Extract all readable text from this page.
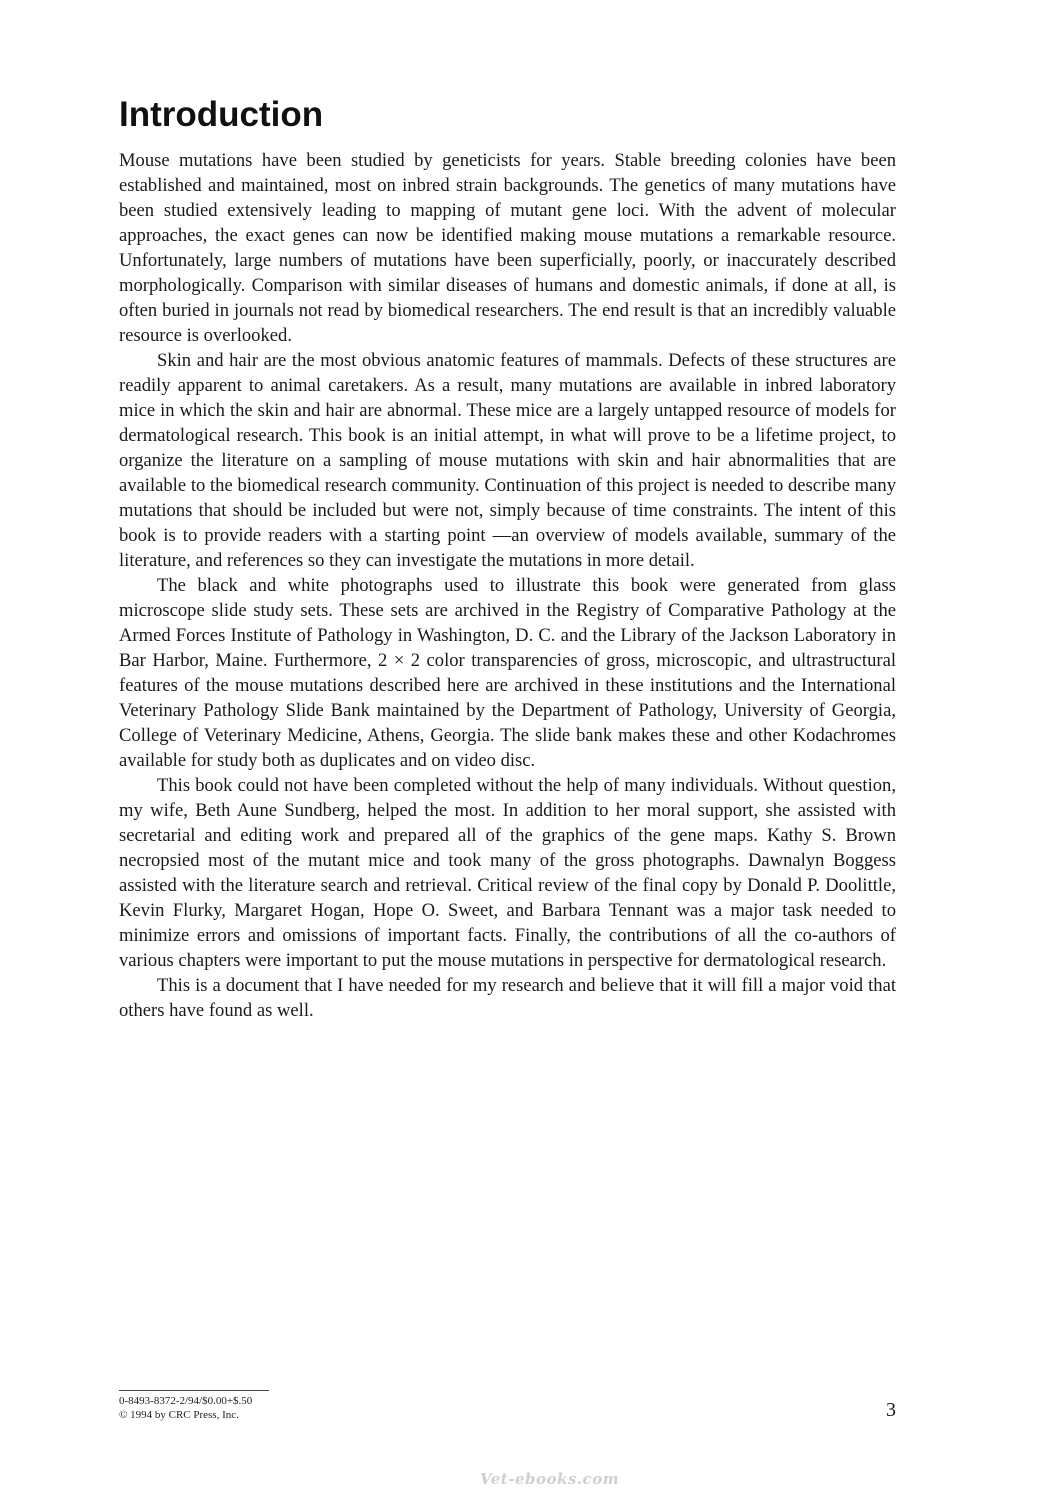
Introduction

Mouse mutations have been studied by geneticists for years. Stable breeding colonies have been established and maintained, most on inbred strain backgrounds. The genetics of many mutations have been studied extensively leading to mapping of mutant gene loci. With the advent of molecular approaches, the exact genes can now be identified making mouse mutations a remarkable resource. Unfortunately, large numbers of mutations have been superficially, poorly, or inaccurately described morphologically. Comparison with similar diseases of humans and domestic animals, if done at all, is often buried in journals not read by biomedical researchers. The end result is that an incredibly valuable resource is overlooked.

Skin and hair are the most obvious anatomic features of mammals. Defects of these structures are readily apparent to animal caretakers. As a result, many mutations are available in inbred laboratory mice in which the skin and hair are abnormal. These mice are a largely untapped resource of models for dermatological research. This book is an initial attempt, in what will prove to be a lifetime project, to organize the literature on a sampling of mouse mutations with skin and hair abnormalities that are available to the biomedical research community. Continuation of this project is needed to describe many mutations that should be included but were not, simply because of time constraints. The intent of this book is to provide readers with a starting point —an overview of models available, summary of the literature, and references so they can investigate the mutations in more detail.

The black and white photographs used to illustrate this book were generated from glass microscope slide study sets. These sets are archived in the Registry of Comparative Pathology at the Armed Forces Institute of Pathology in Washington, D. C. and the Library of the Jackson Laboratory in Bar Harbor, Maine. Furthermore, 2 × 2 color transparencies of gross, microscopic, and ultrastructural features of the mouse mutations described here are archived in these institutions and the International Veterinary Pathology Slide Bank maintained by the Department of Pathology, University of Georgia, College of Veterinary Medicine, Athens, Georgia. The slide bank makes these and other Kodachromes available for study both as duplicates and on video disc.

This book could not have been completed without the help of many individuals. Without question, my wife, Beth Aune Sundberg, helped the most. In addition to her moral support, she assisted with secretarial and editing work and prepared all of the graphics of the gene maps. Kathy S. Brown necropsied most of the mutant mice and took many of the gross photographs. Dawnalyn Boggess assisted with the literature search and retrieval. Critical review of the final copy by Donald P. Doolittle, Kevin Flurky, Margaret Hogan, Hope O. Sweet, and Barbara Tennant was a major task needed to minimize errors and omissions of important facts. Finally, the contributions of all the co-authors of various chapters were important to put the mouse mutations in perspective for dermatological research.

This is a document that I have needed for my research and believe that it will fill a major void that others have found as well.

0-8493-8372-2/94/$0.00+$.50
© 1994 by CRC Press, Inc.	3
Vet-ebooks.com
